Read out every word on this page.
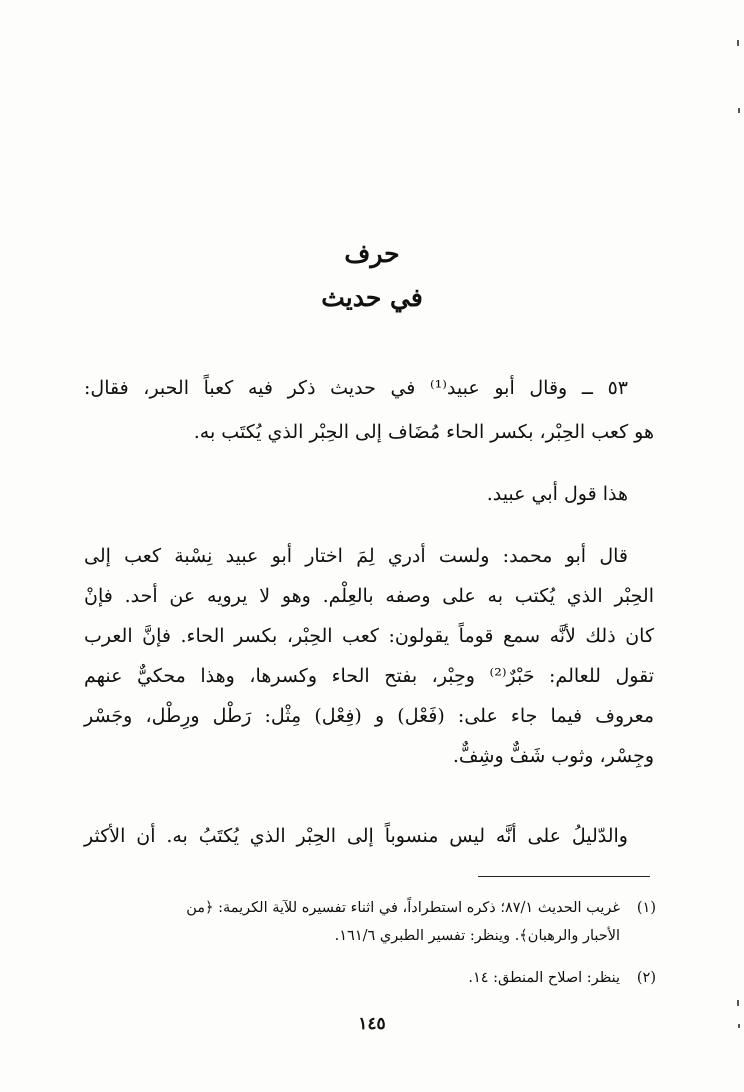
حرف
في حديث
٥٣ ــ وقال أبو عبيد⁽¹⁾ في حديث ذكر فيه كعباً الحبر، فقال:
هو كعب الحِبْر، بكسر الحاء مُضَاف إلى الحِبْر الذي يُكتَب به.
هذا قول أبي عبيد.
قال أبو محمد: ولست أدري لِمَ اختار أبو عبيد نِسْبة كعب إلى
الحِبْر الذي يُكتب به على وصفه بالعِلْم. وهو لا يرويه عن أحد. فإنْ
كان ذلك لأنَّه سمع قوماً يقولون: كعب الحِبْر، بكسر الحاء. فإنَّ العرب
تقول للعالم: حَبْرٌ⁽²⁾ وحِبْر، بفتح الحاء وكسرها، وهذا محكيٌّ عنهم
معروف فيما جاء على: (فَعْل) و (فِعْل) مِثْل: رَطْل ورِطْل، وجَسْر
وجِسْر، وثوب شَفٌّ وشِفٌّ.
والدّليلُ على أنَّه ليس منسوباً إلى الحِبْر الذي يُكتَبُ به. أن الأكثر
(١)غريب الحديث ٨٧/١؛ ذكره استطراداً، في اثناء تفسيره للآية الكريمة: ﴿من
الأحبار والرهبان﴾. وينظر: تفسير الطبري ١٦١/٦.
(٢)ينظر: اصلاح المنطق: ١٤.
١٤٥
